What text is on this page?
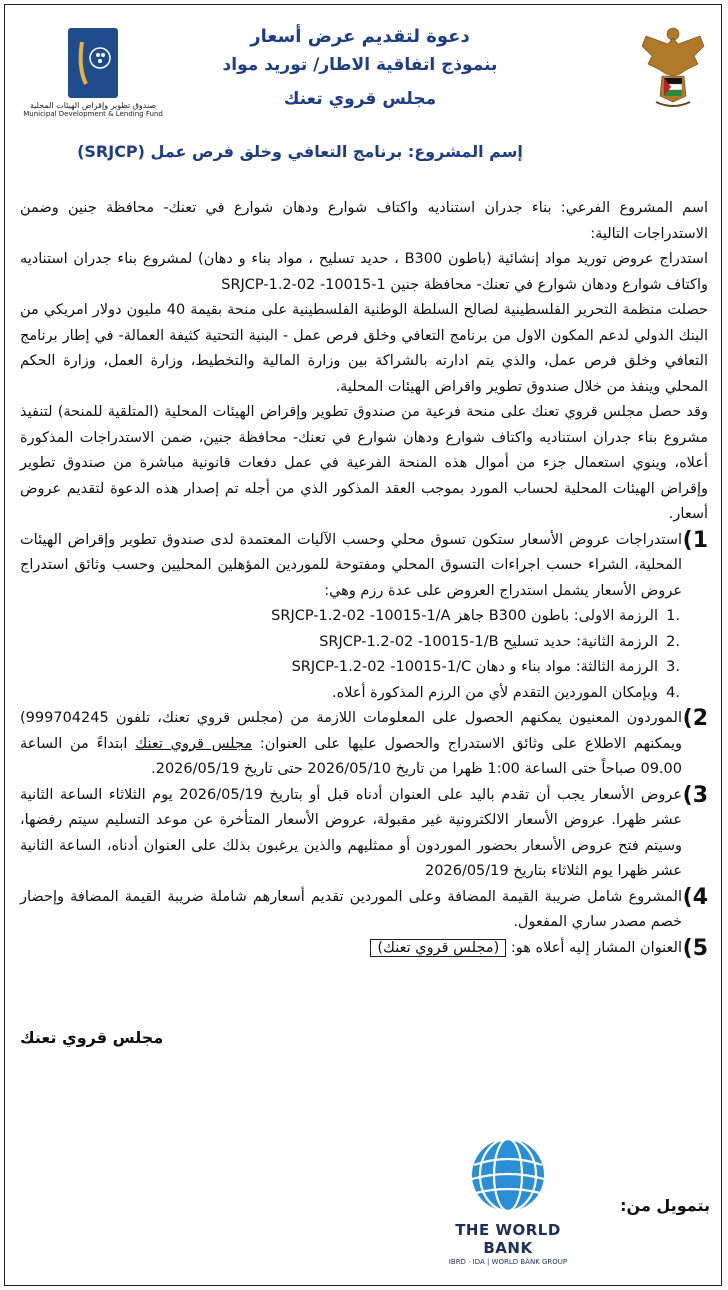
صندوق تطوير وإقراض الهيئات المحلية
Municipal Development & Lending Fund
دعوة لتقديم عرض أسعار
بنموذج اتفاقية الاطار/ توريد مواد
مجلس قروي تعنك
إسم المشروع: برنامج التعافي وخلق فرص عمل (SRJCP)

اسم المشروع الفرعي: بناء جدران استناديه واكتاف شوارع ودهان شوارع في تعنك- محافظة جنين وضمن الاستدراجات التالية:

استدراج عروض توريد مواد إنشائية (باطون B300 ، حديد تسليح ، مواد بناء و دهان) لمشروع بناء جدران استناديه واكتاف شوارع ودهان شوارع في تعنك- محافظة جنين SRJCP-1.2-02 -10015-1

حصلت منظمة التحرير الفلسطينية لصالح السلطة الوطنية الفلسطينية على منحة بقيمة 40 مليون دولار امريكي من البنك الدولي لدعم المكون الاول من برنامج التعافي وخلق فرص عمل - البنية التحتية كثيفة العمالة- في إطار برنامج التعافي وخلق فرص عمل، والذي يتم ادارته بالشراكة بين وزارة المالية والتخطيط، وزارة العمل، وزارة الحكم المحلي وينفذ من خلال صندوق تطوير واقراض الهيئات المحلية.

وقد حصل مجلس قروي تعنك على منحة فرعية من صندوق تطوير وإقراض الهيئات المحلية (المتلقية للمنحة) لتنفيذ مشروع بناء جدران استناديه واكتاف شوارع ودهان شوارع في تعنك- محافظة جنين، ضمن الاستدراجات المذكورة أعلاه، وينوي استعمال جزء من أموال هذه المنحة الفرعية في عمل دفعات قانونية مباشرة من صندوق تطوير وإقراض الهيئات المحلية لحساب المورد بموجب العقد المذكور الذي من أجله تم إصدار هذه الدعوة لتقديم عروض أسعار.

1)
استدراجات عروض الأسعار ستكون تسوق محلي وحسب الآليات المعتمدة لدى صندوق تطوير وإقراض الهيئات المحلية، الشراء حسب اجراءات التسوق المحلي ومفتوحة للموردين المؤهلين المحليين وحسب وثائق استدراج عروض الأسعار يشمل استدراج العروض على عدة رزم وهي:
.1
الرزمة الاولى: باطون B300 جاهز SRJCP-1.2-02 -10015-1/A
.2
الرزمة الثانية: حديد تسليح SRJCP-1.2-02 -10015-1/B
.3
الرزمة الثالثة: مواد بناء و دهان SRJCP-1.2-02 -10015-1/C
.4
وبإمكان الموردين التقدم لأي من الرزم المذكورة أعلاه.
2)
الموردون المعنيون يمكنهم الحصول على المعلومات اللازمة من (مجلس قروي تعنك، تلفون 999704245) ويمكنهم الاطلاع على وثائق الاستدراج والحصول عليها على العنوان: مجلس قروي تعنك ابتداءً من الساعة 09.00 صباحاً حتى الساعة 1:00 ظهرا من تاريخ 2026/05/10 حتى تاريخ 2026/05/19.
3)
عروض الأسعار يجب أن تقدم باليد على العنوان أدناه قبل أو بتاريخ 2026/05/19 يوم الثلاثاء الساعة الثانية عشر ظهرا. عروض الأسعار الالكترونية غير مقبولة، عروض الأسعار المتأخرة عن موعد التسليم سيتم رفضها، وسيتم فتح عروض الأسعار بحضور الموردون أو ممثليهم والذين يرغبون بذلك على العنوان أدناه، الساعة الثانية عشر ظهرا يوم الثلاثاء بتاريخ 2026/05/19
4)
المشروع شامل ضريبة القيمة المضافة وعلى الموردين تقديم أسعارهم شاملة ضريبة القيمة المضافة وإحضار خصم مصدر ساري المفعول.
5)
العنوان المشار إليه أعلاه هو: (مجلس قروي تعنك)
مجلس قروي تعنك
بتمويل من:
THE WORLD BANK
IBRD · IDA | WORLD BANK GROUP
